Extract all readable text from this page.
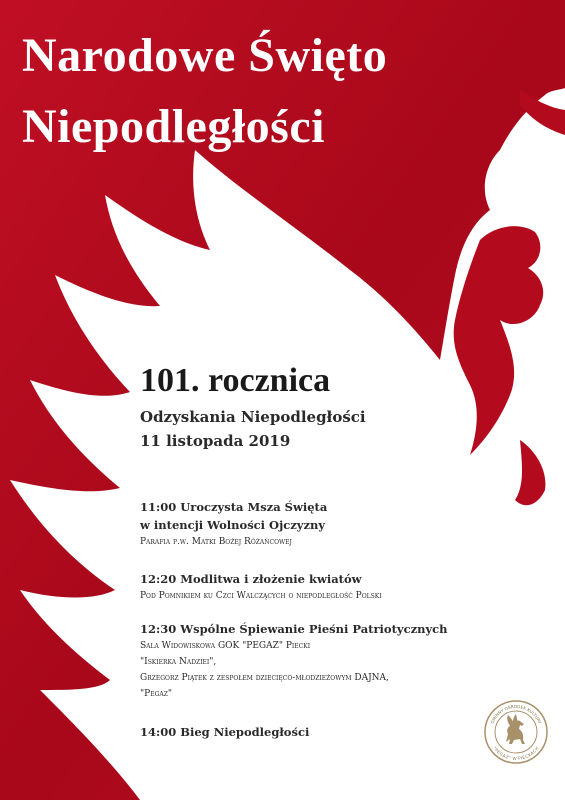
Narodowe Święto
Niepodległości
101. rocznica
Odzyskania Niepodległości
11 listopada 2019
11:00 Uroczysta Msza Święta
w intencji Wolności Ojczyzny
Parafia p.w. Matki Bożej Różańcowej
12:20 Modlitwa i złożenie kwiatów
Pod Pomnikiem ku Czci Walczących o niepodległość Polski
12:30 Wspólne Śpiewanie Pieśni Patriotycznych
Sala Widowiskowa GOK "PEGAZ" Piecki
"Iskierka Nadziei",
Grzegorz Piątek z zespołem dziecięco-młodzieżowym DAJNA,
"Pegaz"
14:00 Bieg Niepodległości
GMINNY OŚRODEK KULTURY
"PEGAZ" W PIECKACH
